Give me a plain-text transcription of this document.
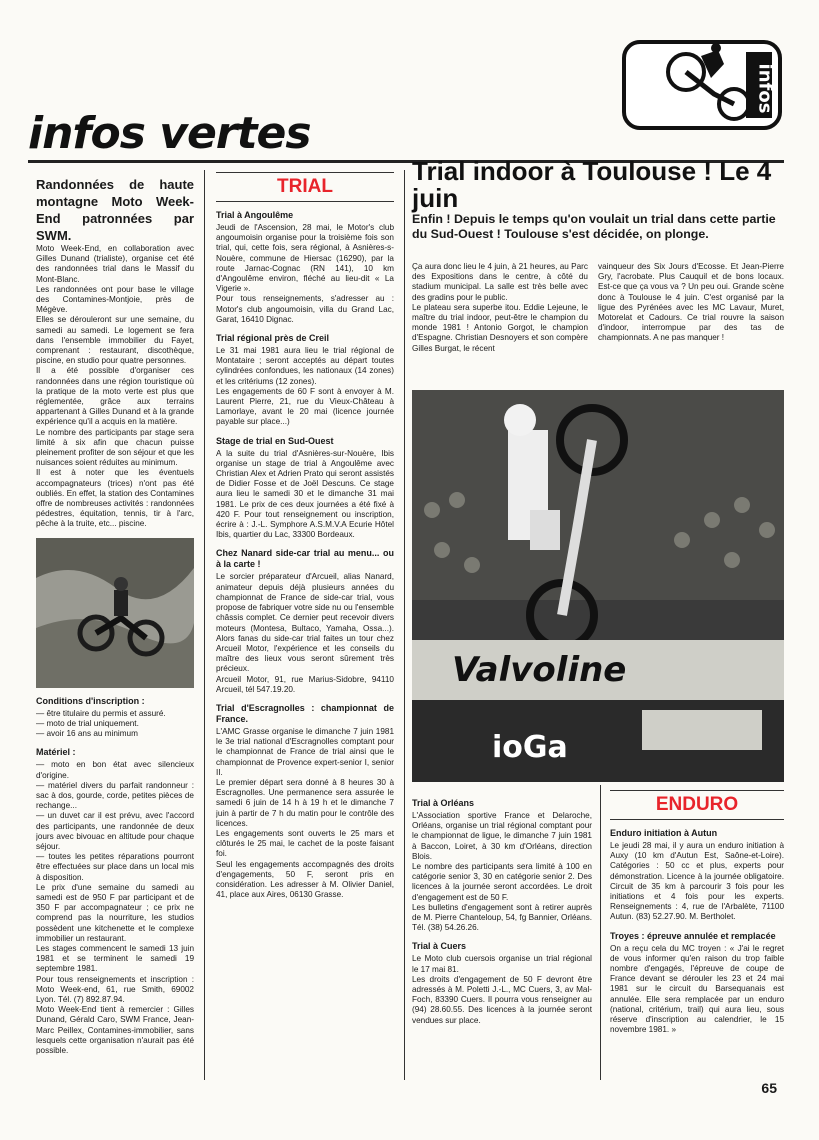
infos
infos vertes

Randonnées de haute montagne Moto Week-End patronnées par SWM.

Moto Week-End, en collaboration avec Gilles Dunand (trialiste), organise cet été des randonnées trial dans le Massif du Mont-Blanc.

Les randonnées ont pour base le village des Contamines-Montjoie, près de Mégève.

Elles se dérouleront sur une semaine, du samedi au samedi. Le logement se fera dans l'ensemble immobilier du Fayet, comprenant : restaurant, discothèque, piscine, en studio pour quatre personnes.

Il a été possible d'organiser ces randonnées dans une région touristique où la pratique de la moto verte est plus que réglementée, grâce aux terrains appartenant à Gilles Dunand et à la grande expérience qu'il a acquis en la matière.

Le nombre des participants par stage sera limité à six afin que chacun puisse pleinement profiter de son séjour et que les nuisances soient réduites au minimum.

Il est à noter que les éventuels accompagnateurs (trices) n'ont pas été oubliés. En effet, la station des Contamines offre de nombreuses activités : randonnées pédestres, équitation, tennis, tir à l'arc, pêche à la truite, etc... piscine.

Conditions d'inscription :

— être titulaire du permis et assuré.

— moto de trial uniquement.

— avoir 16 ans au minimum

Matériel :

— moto en bon état avec silencieux d'origine.

— matériel divers du parfait randonneur : sac à dos, gourde, corde, petites pièces de rechange...

— un duvet car il est prévu, avec l'accord des participants, une randonnée de deux jours avec bivouac en altitude pour chaque séjour.

— toutes les petites réparations pourront être effectuées sur place dans un local mis à disposition.

Le prix d'une semaine du samedi au samedi est de 950 F par participant et de 350 F par accompagnateur ; ce prix ne comprend pas la nourriture, les studios possèdent une kitchenette et le complexe immobilier un restaurant.

Les stages commencent le samedi 13 juin 1981 et se terminent le samedi 19 septembre 1981.

Pour tous renseignements et inscription : Moto Week-end, 61, rue Smith, 69002 Lyon. Tél. (7) 892.87.94.

Moto Week-End tient à remercier : Gilles Dunand, Gérald Caro, SWM France, Jean-Marc Peillex, Contamines-immobilier, sans lesquels cette organisation n'aurait pas été possible.

TRIAL
Trial à Angoulême

Jeudi de l'Ascension, 28 mai, le Motor's club angoumoisin organise pour la troisième fois son trial, qui, cette fois, sera régional, à Asnières-s-Nouère, commune de Hiersac (16290), par la route Jarnac-Cognac (RN 141), 10 km d'Angoulême environ, fléché au lieu-dit « La Vigerie ».

Pour tous renseignements, s'adresser au : Motor's club angoumoisin, villa du Grand Lac, Garat, 16410 Dignac.

Trial régional près de Creil

Le 31 mai 1981 aura lieu le trial régional de Montataire ; seront acceptés au départ toutes cylindrées confondues, les nationaux (14 zones) et les critériums (12 zones).

Les engagements de 60 F sont à envoyer à M. Laurent Pierre, 21, rue du Vieux-Château à Lamorlaye, avant le 20 mai (licence journée payable sur place...)

Stage de trial en Sud-Ouest

A la suite du trial d'Asnières-sur-Nouère, Ibis organise un stage de trial à Angoulême avec Christian Alex et Adrien Prato qui seront assistés de Didier Fosse et de Joël Descuns. Ce stage aura lieu le samedi 30 et le dimanche 31 mai 1981. Le prix de ces deux journées a été fixé à 420 F. Pour tout renseignement ou inscription, écrire à : J.-L. Symphore A.S.M.V.A Ecurie Hôtel Ibis, quartier du Lac, 33300 Bordeaux.

Chez Nanard side-car trial au menu... ou à la carte !

Le sorcier préparateur d'Arcueil, alias Nanard, animateur depuis déjà plusieurs années du championnat de France de side-car trial, vous propose de fabriquer votre side nu ou l'ensemble châssis complet. Ce dernier peut recevoir divers moteurs (Montesa, Bultaco, Yamaha, Ossa...). Alors fanas du side-car trial faites un tour chez Arcueil Motor, l'expérience et les conseils du maître des lieux vous seront sûrement très précieux.

Arcueil Motor, 91, rue Marius-Sidobre, 94110 Arcueil, tél 547.19.20.

Trial d'Escragnolles : championnat de France.

L'AMC Grasse organise le dimanche 7 juin 1981 le 3e trial national d'Escragnolles comptant pour le championnat de France de trial ainsi que le championnat de Provence expert-senior I, senior II.

Le premier départ sera donné à 8 heures 30 à Escragnolles. Une permanence sera assurée le samedi 6 juin de 14 h à 19 h et le dimanche 7 juin à partir de 7 h du matin pour le contrôle des licences.

Les engagements sont ouverts le 25 mars et clôturés le 25 mai, le cachet de la poste faisant foi.

Seul les engagements accompagnés des droits d'engagements, 50 F, seront pris en considération. Les adresser à M. Olivier Daniel, 41, place aux Aires, 06130 Grasse.

Trial indoor à Toulouse ! Le 4 juin
Enfin ! Depuis le temps qu'on voulait un trial dans cette partie du Sud-Ouest ! Toulouse s'est décidée, on plonge.

Ça aura donc lieu le 4 juin, à 21 heures, au Parc des Expositions dans le centre, à côté du stadium municipal. La salle est très belle avec des gradins pour le public.

Le plateau sera superbe itou. Eddie Lejeune, le maître du trial indoor, peut-être le champion du monde 1981 ! Antonio Gorgot, le champion d'Espagne. Christian Desnoyers et son compère Gilles Burgat, le récent

vainqueur des Six Jours d'Ecosse. Et Jean-Pierre Gry, l'acrobate. Plus Cauquil et de bons locaux. Est-ce que ça vous va ? Un peu oui. Grande scène donc à Toulouse le 4 juin. C'est organisé par la ligue des Pyrénées avec les MC Lavaur, Muret, Motorelat et Cadours. Ce trial rouvre la saison d'indoor, interrompue par des tas de championnats. A ne pas manquer !

Valvoline
ioGa
Trial à Orléans

L'Association sportive France et Delaroche, Orléans, organise un trial régional comptant pour le championnat de ligue, le dimanche 7 juin 1981 à Baccon, Loiret, à 30 km d'Orléans, direction Blois.

Le nombre des participants sera limité à 100 en catégorie senior 3, 30 en catégorie senior 2. Des licences à la journée seront accordées. Le droit d'engagement est de 50 F.

Les bulletins d'engagement sont à retirer auprès de M. Pierre Chanteloup, 54, fg Bannier, Orléans. Tél. (38) 54.26.26.

Trial à Cuers

Le Moto club cuersois organise un trial régional le 17 mai 81.

Les droits d'engagement de 50 F devront être adressés à M. Poletti J.-L., MC Cuers, 3, av Mal-Foch, 83390 Cuers. Il pourra vous renseigner au (94) 28.60.55. Des licences à la journée seront vendues sur place.

ENDURO
Enduro initiation à Autun

Le jeudi 28 mai, il y aura un enduro initiation à Auxy (10 km d'Autun Est, Saône-et-Loire). Catégories : 50 cc et plus, experts pour démonstration. Licence à la journée obligatoire. Circuit de 35 km à parcourir 3 fois pour les initiations et 4 fois pour les experts. Renseignements : 4, rue de l'Arbalète, 71100 Autun. (83) 52.27.90. M. Bertholet.

Troyes : épreuve annulée et remplacée

On a reçu cela du MC troyen : « J'ai le regret de vous informer qu'en raison du trop faible nombre d'engagés, l'épreuve de coupe de France devant se dérouler les 23 et 24 mai 1981 sur le circuit du Barsequanais est annulée. Elle sera remplacée par un enduro (national, critérium, trail) qui aura lieu, sous réserve d'inscription au calendrier, le 15 novembre 1981. »

65
